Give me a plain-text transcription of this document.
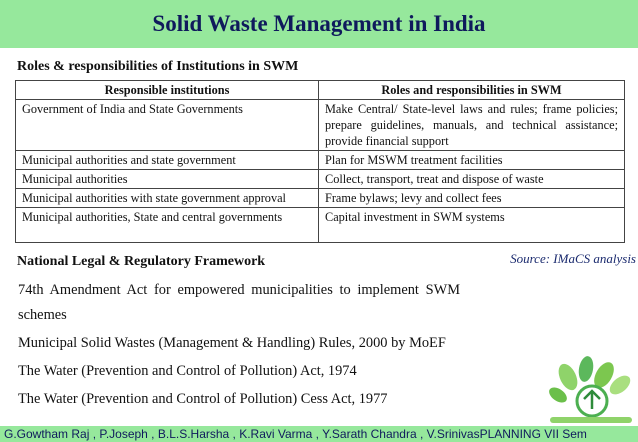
Solid Waste Management in India
Roles & responsibilities of Institutions in SWM
Responsible institutions	Roles and responsibilities in SWM
Government of India and State Governments	Make Central/ State-level laws and rules; frame policies; prepare guidelines, manuals, and technical assistance; provide financial support
Municipal authorities and state government	Plan for MSWM treatment facilities
Municipal authorities	Collect, transport, treat and dispose of waste
Municipal authorities with state government approval	Frame bylaws; levy and collect fees
Municipal authorities, State and central governments	Capital investment in SWM systems
Source: IMaCS analysis
National Legal & Regulatory Framework
74th Amendment Act for empowered municipalities to implement SWM schemes
Municipal Solid Wastes (Management & Handling) Rules, 2000 by MoEF
The Water (Prevention and Control of Pollution) Act, 1974
The Water (Prevention and Control of Pollution) Cess Act, 1977
G.Gowtham Raj , P.Joseph , B.L.S.Harsha , K.Ravi Varma , Y.Sarath Chandra , V.SrinivasPLANNING VII Sem
